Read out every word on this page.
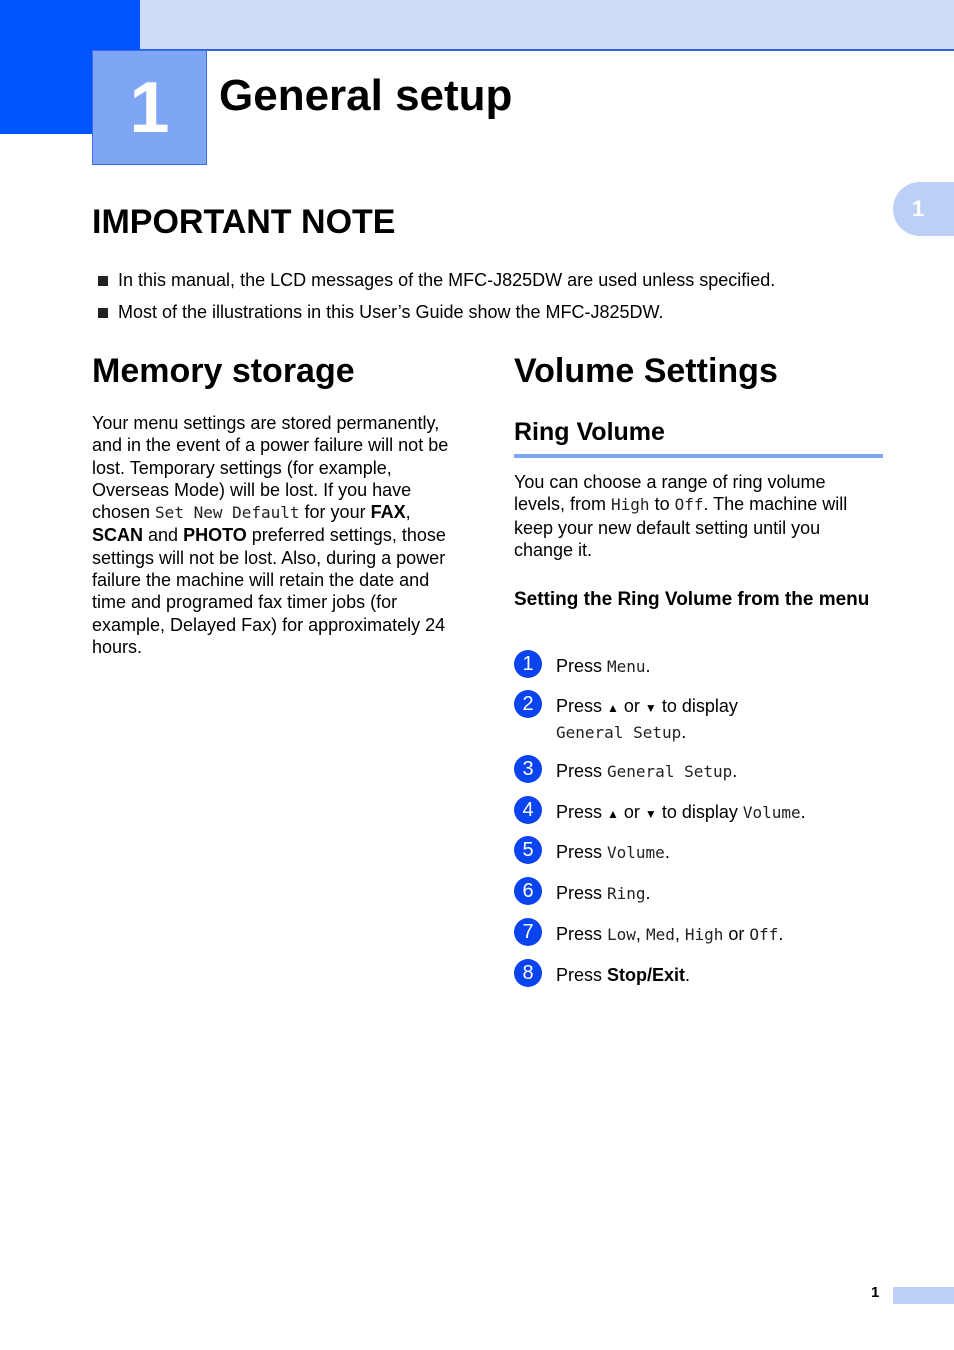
1	General setup
1
IMPORTANT NOTE
In this manual, the LCD messages of the MFC-J825DW are used unless specified.
Most of the illustrations in this User’s Guide show the MFC-J825DW.
Memory storage

Your menu settings are stored permanently, and in the event of a power failure will not be lost. Temporary settings (for example, Overseas Mode) will be lost. If you have chosen Set New Default for your FAX, SCAN and PHOTO preferred settings, those settings will not be lost. Also, during a power failure the machine will retain the date and time and programed fax timer jobs (for example, Delayed Fax) for approximately 24 hours.

Volume Settings
Ring Volume

You can choose a range of ring volume levels, from High to Off. The machine will keep your new default setting until you change it.

Setting the Ring Volume from the menu
1	Press Menu.
2	Press ▲ or ▼ to display
General Setup.
3	Press General Setup.
4	Press ▲ or ▼ to display Volume.
5	Press Volume.
6	Press Ring.
7	Press Low, Med, High or Off.
8	Press Stop/Exit.
1
